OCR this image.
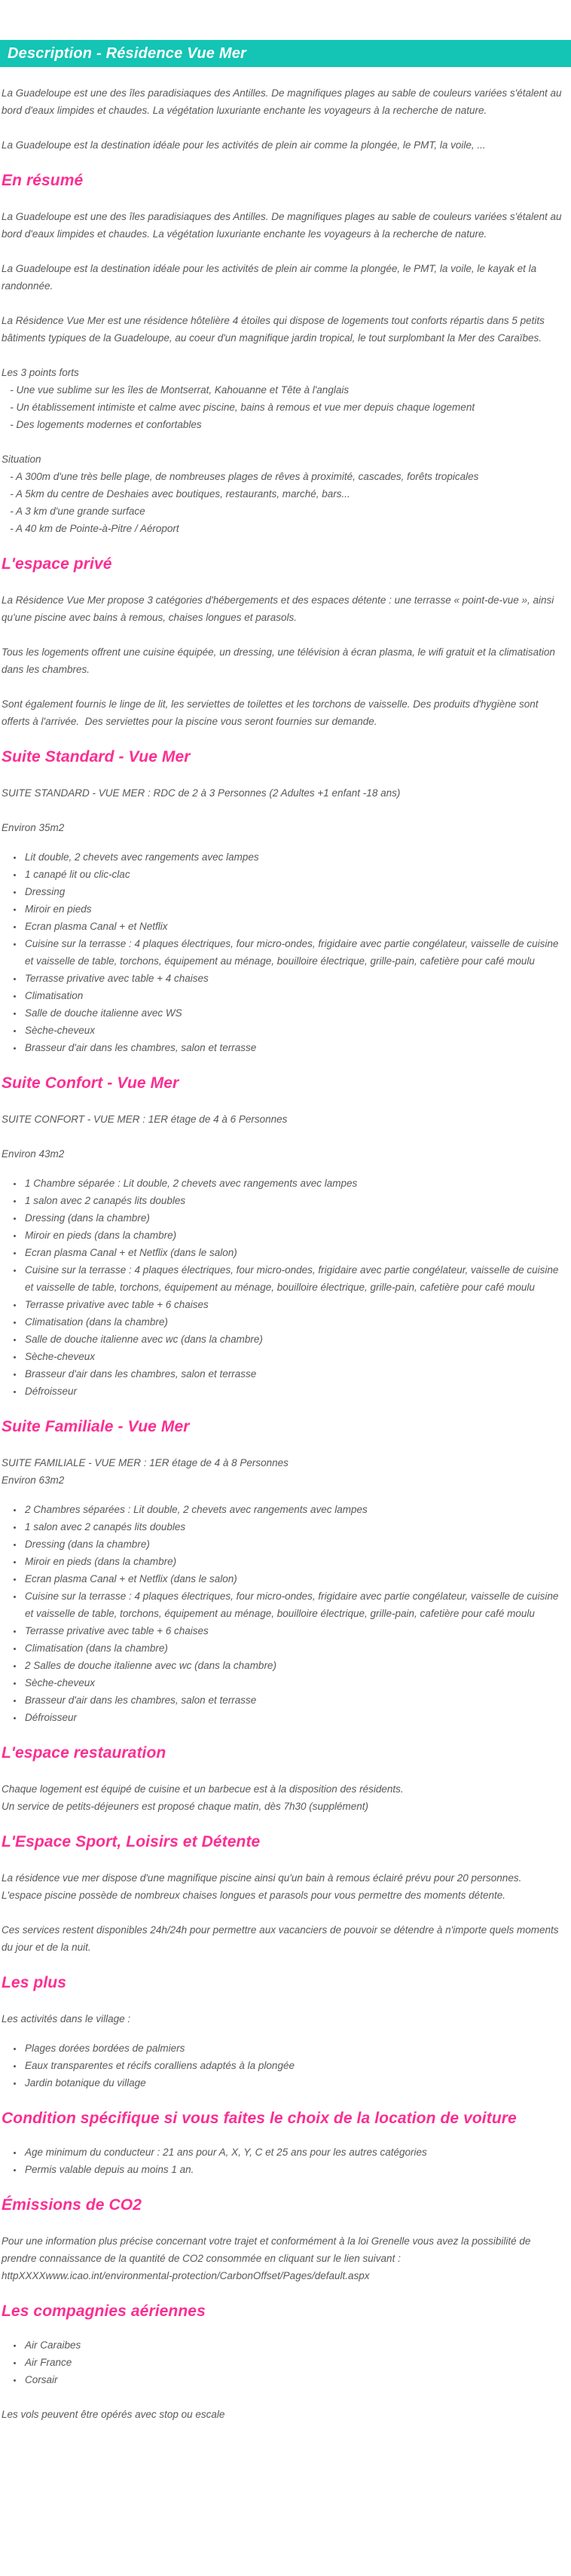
Description - Résidence Vue Mer

La Guadeloupe est une des îles paradisiaques des Antilles. De magnifiques plages au sable de couleurs variées s'étalent au bord d'eaux limpides et chaudes. La végétation luxuriante enchante les voyageurs à la recherche de nature.

La Guadeloupe est la destination idéale pour les activités de plein air comme la plongée, le PMT, la voile, ...

En résumé

La Guadeloupe est une des îles paradisiaques des Antilles. De magnifiques plages au sable de couleurs variées s'étalent au bord d'eaux limpides et chaudes. La végétation luxuriante enchante les voyageurs à la recherche de nature.

La Guadeloupe est la destination idéale pour les activités de plein air comme la plongée, le PMT, la voile, le kayak et la randonnée.

La Résidence Vue Mer est une résidence hôtelière 4 étoiles qui dispose de logements tout conforts répartis dans 5 petits bâtiments typiques de la Guadeloupe, au coeur d'un magnifique jardin tropical, le tout surplombant la Mer des Caraïbes.

Les 3 points forts
- Une vue sublime sur les îles de Montserrat, Kahouanne et Tête à l'anglais
- Un établissement intimiste et calme avec piscine, bains à remous et vue mer depuis chaque logement
- Des logements modernes et confortables

Situation
- A 300m d'une très belle plage, de nombreuses plages de rêves à proximité, cascades, forêts tropicales
- A 5km du centre de Deshaies avec boutiques, restaurants, marché, bars...
- A 3 km d'une grande surface
- A 40 km de Pointe-à-Pitre / Aéroport

L'espace privé

La Résidence Vue Mer propose 3 catégories d'hébergements et des espaces détente : une terrasse « point-de-vue », ainsi qu'une piscine avec bains à remous, chaises longues et parasols.

Tous les logements offrent une cuisine équipée, un dressing, une télévision à écran plasma, le wifi gratuit et la climatisation dans les chambres.

Sont également fournis le linge de lit, les serviettes de toilettes et les torchons de vaisselle. Des produits d'hygiène sont offerts à l'arrivée.  Des serviettes pour la piscine vous seront fournies sur demande.

Suite Standard - Vue Mer

SUITE STANDARD - VUE MER : RDC de 2 à 3 Personnes (2 Adultes +1 enfant -18 ans)

Environ 35m2

• Lit double, 2 chevets avec rangements avec lampes
• 1 canapé lit ou clic-clac
• Dressing
• Miroir en pieds
• Ecran plasma Canal + et Netflix
• Cuisine sur la terrasse : 4 plaques électriques, four micro-ondes, frigidaire avec partie congélateur, vaisselle de cuisine et vaisselle de table, torchons, équipement au ménage, bouilloire électrique, grille-pain, cafetière pour café moulu
• Terrasse privative avec table + 4 chaises
• Climatisation
• Salle de douche italienne avec WS
• Sèche-cheveux
• Brasseur d'air dans les chambres, salon et terrasse
Suite Confort - Vue Mer

SUITE CONFORT - VUE MER : 1ER étage de 4 à 6 Personnes

Environ 43m2

• 1 Chambre séparée : Lit double, 2 chevets avec rangements avec lampes
• 1 salon avec 2 canapés lits doubles
• Dressing (dans la chambre)
• Miroir en pieds (dans la chambre)
• Ecran plasma Canal + et Netflix (dans le salon)
• Cuisine sur la terrasse : 4 plaques électriques, four micro-ondes, frigidaire avec partie congélateur, vaisselle de cuisine et vaisselle de table, torchons, équipement au ménage, bouilloire électrique, grille-pain, cafetière pour café moulu
• Terrasse privative avec table + 6 chaises
• Climatisation (dans la chambre)
• Salle de douche italienne avec wc (dans la chambre)
• Sèche-cheveux
• Brasseur d'air dans les chambres, salon et terrasse
• Défroisseur
Suite Familiale - Vue Mer

SUITE FAMILIALE - VUE MER : 1ER étage de 4 à 8 Personnes
Environ 63m2

• 2 Chambres séparées : Lit double, 2 chevets avec rangements avec lampes
• 1 salon avec 2 canapés lits doubles
• Dressing (dans la chambre)
• Miroir en pieds (dans la chambre)
• Ecran plasma Canal + et Netflix (dans le salon)
• Cuisine sur la terrasse : 4 plaques électriques, four micro-ondes, frigidaire avec partie congélateur, vaisselle de cuisine et vaisselle de table, torchons, équipement au ménage, bouilloire électrique, grille-pain, cafetière pour café moulu
• Terrasse privative avec table + 6 chaises
• Climatisation (dans la chambre)
• 2 Salles de douche italienne avec wc (dans la chambre)
• Sèche-cheveux
• Brasseur d'air dans les chambres, salon et terrasse
• Défroisseur
L'espace restauration

Chaque logement est équipé de cuisine et un barbecue est à la disposition des résidents.
Un service de petits-déjeuners est proposé chaque matin, dès 7h30 (supplément)

L'Espace Sport, Loisirs et Détente

La résidence vue mer dispose d'une magnifique piscine ainsi qu'un bain à remous éclairé prévu pour 20 personnes.
L'espace piscine possède de nombreux chaises longues et parasols pour vous permettre des moments détente.

Ces services restent disponibles 24h/24h pour permettre aux vacanciers de pouvoir se détendre à n'importe quels moments du jour et de la nuit.

Les plus

Les activités dans le village :

• Plages dorées bordées de palmiers
• Eaux transparentes et récifs coralliens adaptés à la plongée
• Jardin botanique du village
Condition spécifique si vous faites le choix de la location de voiture
• Age minimum du conducteur : 21 ans pour A, X, Y, C et 25 ans pour les autres catégories
• Permis valable depuis au moins 1 an.
Émissions de CO2

Pour une information plus précise concernant votre trajet et conformément à la loi Grenelle vous avez la possibilité de
prendre connaissance de la quantité de CO2 consommée en cliquant sur le lien suivant :
httpXXXXwww.icao.int/environmental-protection/CarbonOffset/Pages/default.aspx

Les compagnies aériennes
• Air Caraibes
• Air France
• Corsair

Les vols peuvent être opérés avec stop ou escale
